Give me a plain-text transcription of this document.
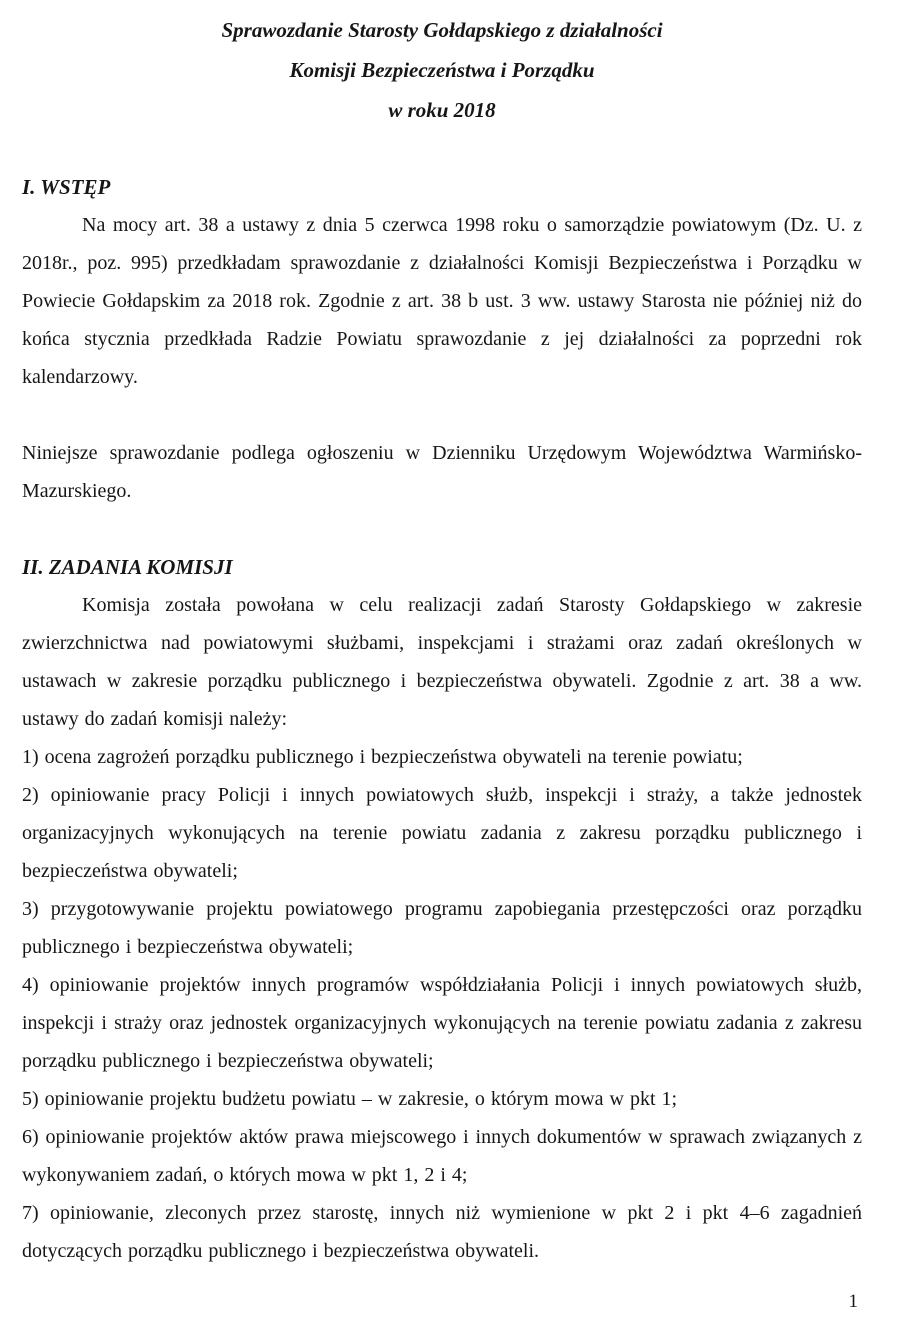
Sprawozdanie Starosty Gołdapskiego z działalności
Komisji Bezpieczeństwa i Porządku
w roku 2018
I. WSTĘP

Na mocy art. 38 a ustawy z dnia 5 czerwca 1998 roku o samorządzie powiatowym (Dz. U. z 2018r., poz. 995) przedkładam sprawozdanie z działalności Komisji Bezpieczeństwa i Porządku w Powiecie Gołdapskim za 2018 rok. Zgodnie z art. 38 b ust. 3 ww. ustawy Starosta nie później niż do końca stycznia przedkłada Radzie Powiatu sprawozdanie z jej działalności za poprzedni rok kalendarzowy.

Niniejsze sprawozdanie podlega ogłoszeniu w Dzienniku Urzędowym Województwa Warmińsko-Mazurskiego.

II. ZADANIA KOMISJI

Komisja została powołana w celu realizacji zadań Starosty Gołdapskiego w zakresie zwierzchnictwa nad powiatowymi służbami, inspekcjami i strażami oraz zadań określonych w ustawach w zakresie porządku publicznego i bezpieczeństwa obywateli. Zgodnie z art. 38 a ww. ustawy do zadań komisji należy:

1) ocena zagrożeń porządku publicznego i bezpieczeństwa obywateli na terenie powiatu;

2) opiniowanie pracy Policji i innych powiatowych służb, inspekcji i straży, a także jednostek organizacyjnych wykonujących na terenie powiatu zadania z zakresu porządku publicznego i bezpieczeństwa obywateli;

3) przygotowywanie projektu powiatowego programu zapobiegania przestępczości oraz porządku publicznego i bezpieczeństwa obywateli;

4) opiniowanie projektów innych programów współdziałania Policji i innych powiatowych służb, inspekcji i straży oraz jednostek organizacyjnych wykonujących na terenie powiatu zadania z zakresu porządku publicznego i bezpieczeństwa obywateli;

5) opiniowanie projektu budżetu powiatu – w zakresie, o którym mowa w pkt 1;

6) opiniowanie projektów aktów prawa miejscowego i innych dokumentów w sprawach związanych z wykonywaniem zadań, o których mowa w pkt 1, 2 i 4;

7) opiniowanie, zleconych przez starostę, innych niż wymienione w pkt 2 i pkt 4–6 zagadnień dotyczących porządku publicznego i bezpieczeństwa obywateli.

1
